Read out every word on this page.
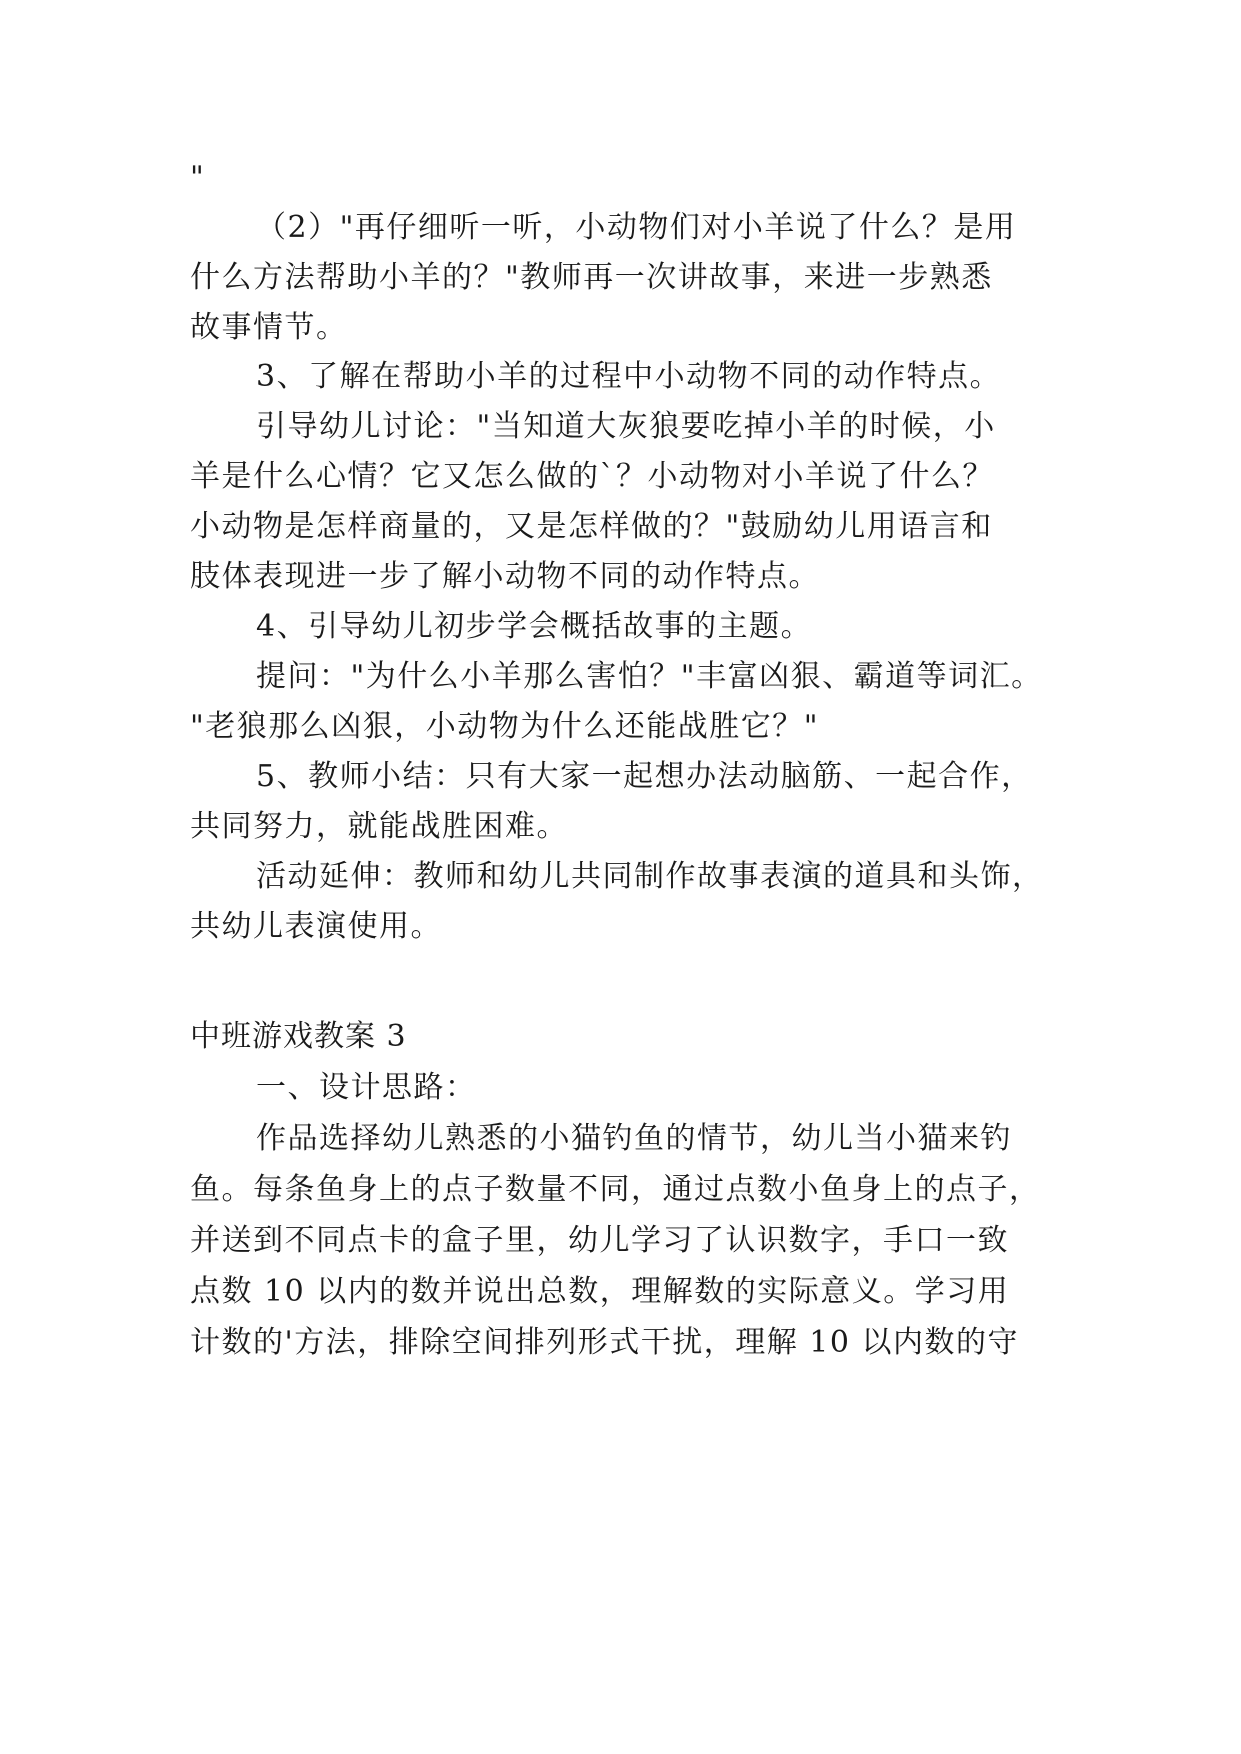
"
（2）"再仔细听一听，小动物们对小羊说了什么？是用
什么方法帮助小羊的？"教师再一次讲故事，来进一步熟悉
故事情节。
3、了解在帮助小羊的过程中小动物不同的动作特点。
引导幼儿讨论："当知道大灰狼要吃掉小羊的时候，小
羊是什么心情？它又怎么做的`？小动物对小羊说了什么？
小动物是怎样商量的，又是怎样做的？"鼓励幼儿用语言和
肢体表现进一步了解小动物不同的动作特点。
4、引导幼儿初步学会概括故事的主题。
提问："为什么小羊那么害怕？"丰富凶狠、霸道等词汇。
"老狼那么凶狠，小动物为什么还能战胜它？"
5、教师小结：只有大家一起想办法动脑筋、一起合作，
共同努力，就能战胜困难。
活动延伸：教师和幼儿共同制作故事表演的道具和头饰，
共幼儿表演使用。
中班游戏教案 3
一、设计思路：
作品选择幼儿熟悉的小猫钓鱼的情节，幼儿当小猫来钓
鱼。每条鱼身上的点子数量不同，通过点数小鱼身上的点子，
并送到不同点卡的盒子里，幼儿学习了认识数字，手口一致
点数 10 以内的数并说出总数，理解数的实际意义。学习用
计数的'方法，排除空间排列形式干扰，理解 10 以内数的守
